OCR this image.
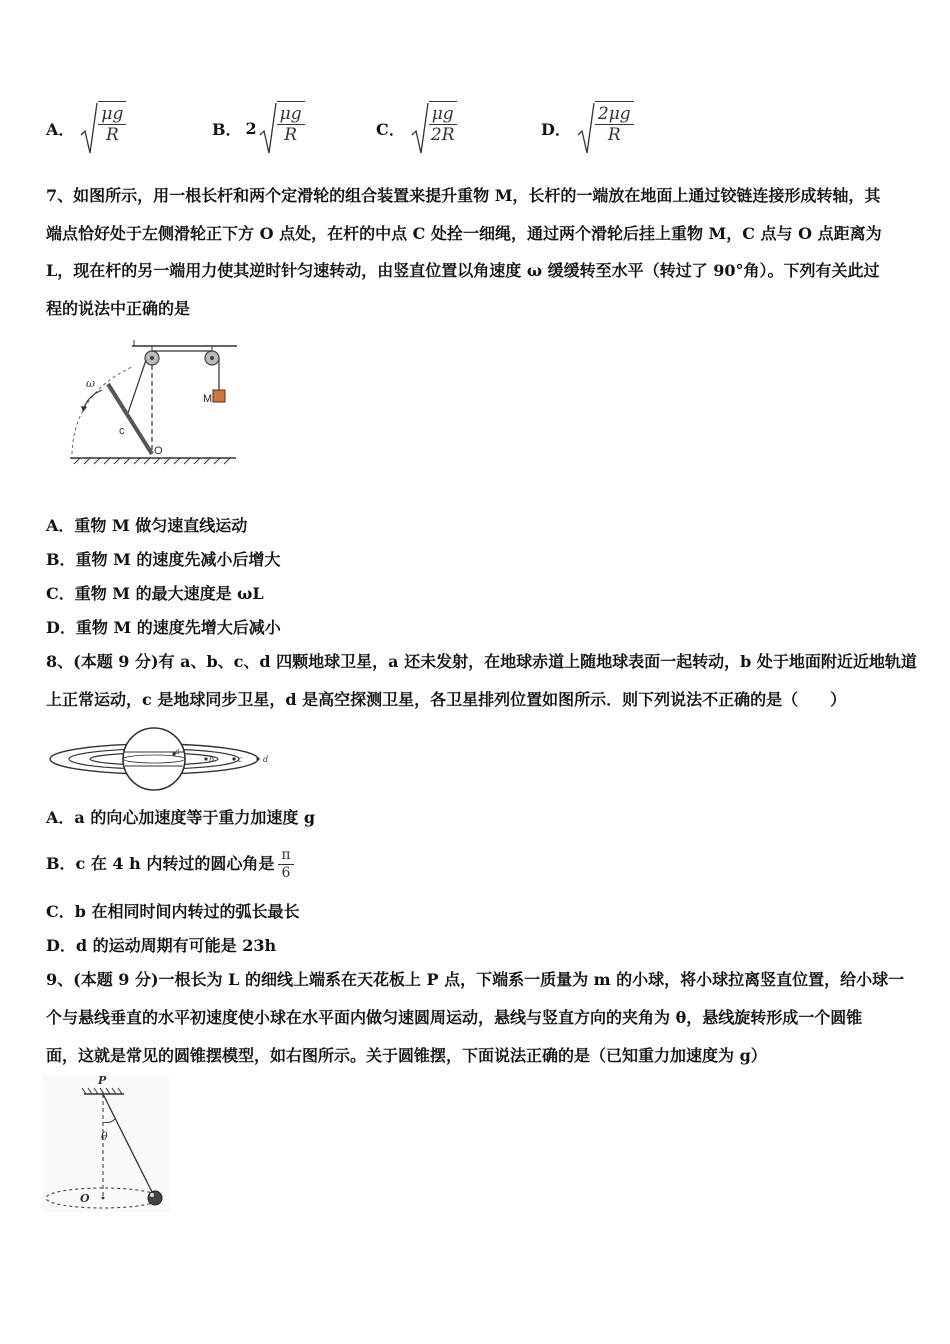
A． $\frac{\mu g}{R}$	B． $2 \frac{\mu g}{R}$	C． $\frac{\mu g}{2R}$	D． $\frac{2\mu g}{R}$
7、如图所示，用一根长杆和两个定滑轮的组合装置来提升重物 M，长杆的一端放在地面上通过铰链连接形成转轴，其
端点恰好处于左侧滑轮正下方 O 点处，在杆的中点 C 处拴一细绳，通过两个滑轮后挂上重物 M，C 点与 O 点距离为
L，现在杆的另一端用力使其逆时针匀速转动，由竖直位置以角速度 ω 缓缓转至水平（转过了 90°角）。下列有关此过
程的说法中正确的是
M
ω
c
O
A．重物 M 做匀速直线运动
B．重物 M 的速度先减小后增大
C．重物 M 的最大速度是 ωL
D．重物 M 的速度先增大后减小
8、(本题 9 分)有 a、b、c、d 四颗地球卫星，a 还未发射，在地球赤道上随地球表面一起转动，b 处于地面附近近地轨道
上正常运动，c 是地球同步卫星，d 是高空探测卫星，各卫星排列位置如图所示．则下列说法不正确的是（　　）
a
b	c	d
A．a 的向心加速度等于重力加速度 g
B．c 在 4 h 内转过的圆心角是 $\frac{\pi}{6}$
C．b 在相同时间内转过的弧长最长
D．d 的运动周期有可能是 23h
9、(本题 9 分)一根长为 L 的细线上端系在天花板上 P 点，下端系一质量为 m 的小球，将小球拉离竖直位置，给小球一
个与悬线垂直的水平初速度使小球在水平面内做匀速圆周运动，悬线与竖直方向的夹角为 θ，悬线旋转形成一个圆锥
面，这就是常见的圆锥摆模型，如右图所示。关于圆锥摆，下面说法正确的是（已知重力加速度为 g）
P
θ
O
